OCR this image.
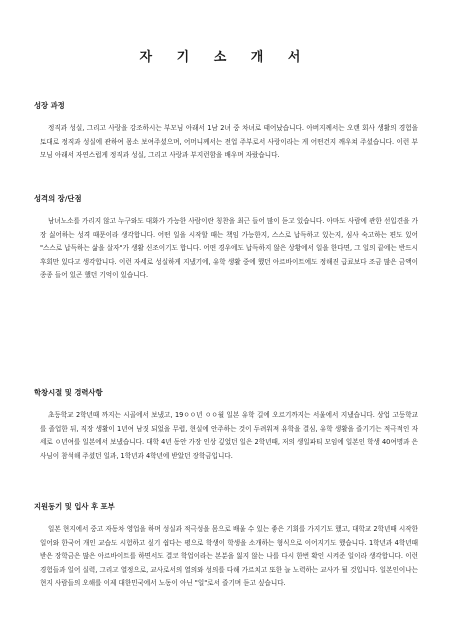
자 기 소 개 서

성장 과정

정직과 성실, 그리고 사랑을 강조하시는 부모님 아래서 1남 2녀 중 차녀로 태어났습니다. 아버지께서는 오랜 회사 생활의 경험을 토대로 정직과 성실에 관하여 몸소 보여주셨으며, 어머니께서는 전업 주부로서 사랑이라는 게 어떤건지 깨우쳐 주셨습니다. 이런 부모님 아래서 자연스럽게 정직과 성실, 그리고 사랑과 부지런함을 배우며 자랐습니다.

성격의 장/단점

남녀노소를 가리지 않고 누구와도 대화가 가능한 사람이란 칭찬을 최근 들어 많이 듣고 있습니다. 아마도 사람에 관한 선입견을 가장 싫어하는 성격 때문이라 생각합니다. 어떤 일을 시작할 때는 책임 가능한지, 스스로 납득하고 있는지, 심사 숙고하는 편도 있어 "스스로 납득하는 삶을 살자"가 생활 신조이기도 합니다. 어떤 경우에도 납득하지 않은 상황에서 일을 한다면, 그 일의 끝에는 반드시 후회만 있다고 생각합니다. 이런 자세로 성실하게 지냈기에, 유학 생활 중에 했던 아르바이트에도 정해진 급료보다 조금 많은 금액이 종종 들어 있곤 했던 기억이 있습니다.

학창시절 및 경력사항

초등학교 2학년때 까지는 시골에서 보냈고, 19ㅇㅇ년 ㅇㅇ월 일본 유학 길에 오르기까지는 서울에서 지냈습니다. 상업 고등학교를 졸업한 뒤, 직장 생활이 1년여 남짓 되었을 무렵, 현실에 안주하는 것이 두려워져 유학을 결심, 유학 생활을 즐기기는 적극적인 자세로 ㅇ년여를 일본에서 보냈습니다. 대학 4년 동안 가장 인상 깊었던 일은 2학년때, 저의 생일파티 모임에 일본인 학생 40여명과 은사님이 참석해 주셨던 일과, 1학년과 4학년에 받았던 장학금입니다.

지원동기 및 입사 후 포부

일본 현지에서 중고 자동차 영업을 하며 성실과 적극성을 몸으로 배울 수 있는 좋은 기회를 가지기도 했고, 대학교 2학년때 시작한 일어와 한국어 개인 교습도 시험하고 싶기 쉽다는 평으로 학생이 학생을 소개하는 형식으로 이어지기도 했습니다. 1학년과 4학년때 받은 장학금은 많은 아르바이트를 하면서도 결코 학업이라는 본분을 잃지 않는 나를 다시 한번 확인 시켜준 일이라 생각합니다. 이런 경험들과 일어 실력, 그리고 열정으로, 교사로서의 열의와 성의를 다해 가르치고 또한 늘 노력하는 교사가 될 것입니다. 일본인이나는 현지 사람들의 오해를 이제 대한민국에서 노동이 아닌 "일"로서 즐기며 듣고 싶습니다.
